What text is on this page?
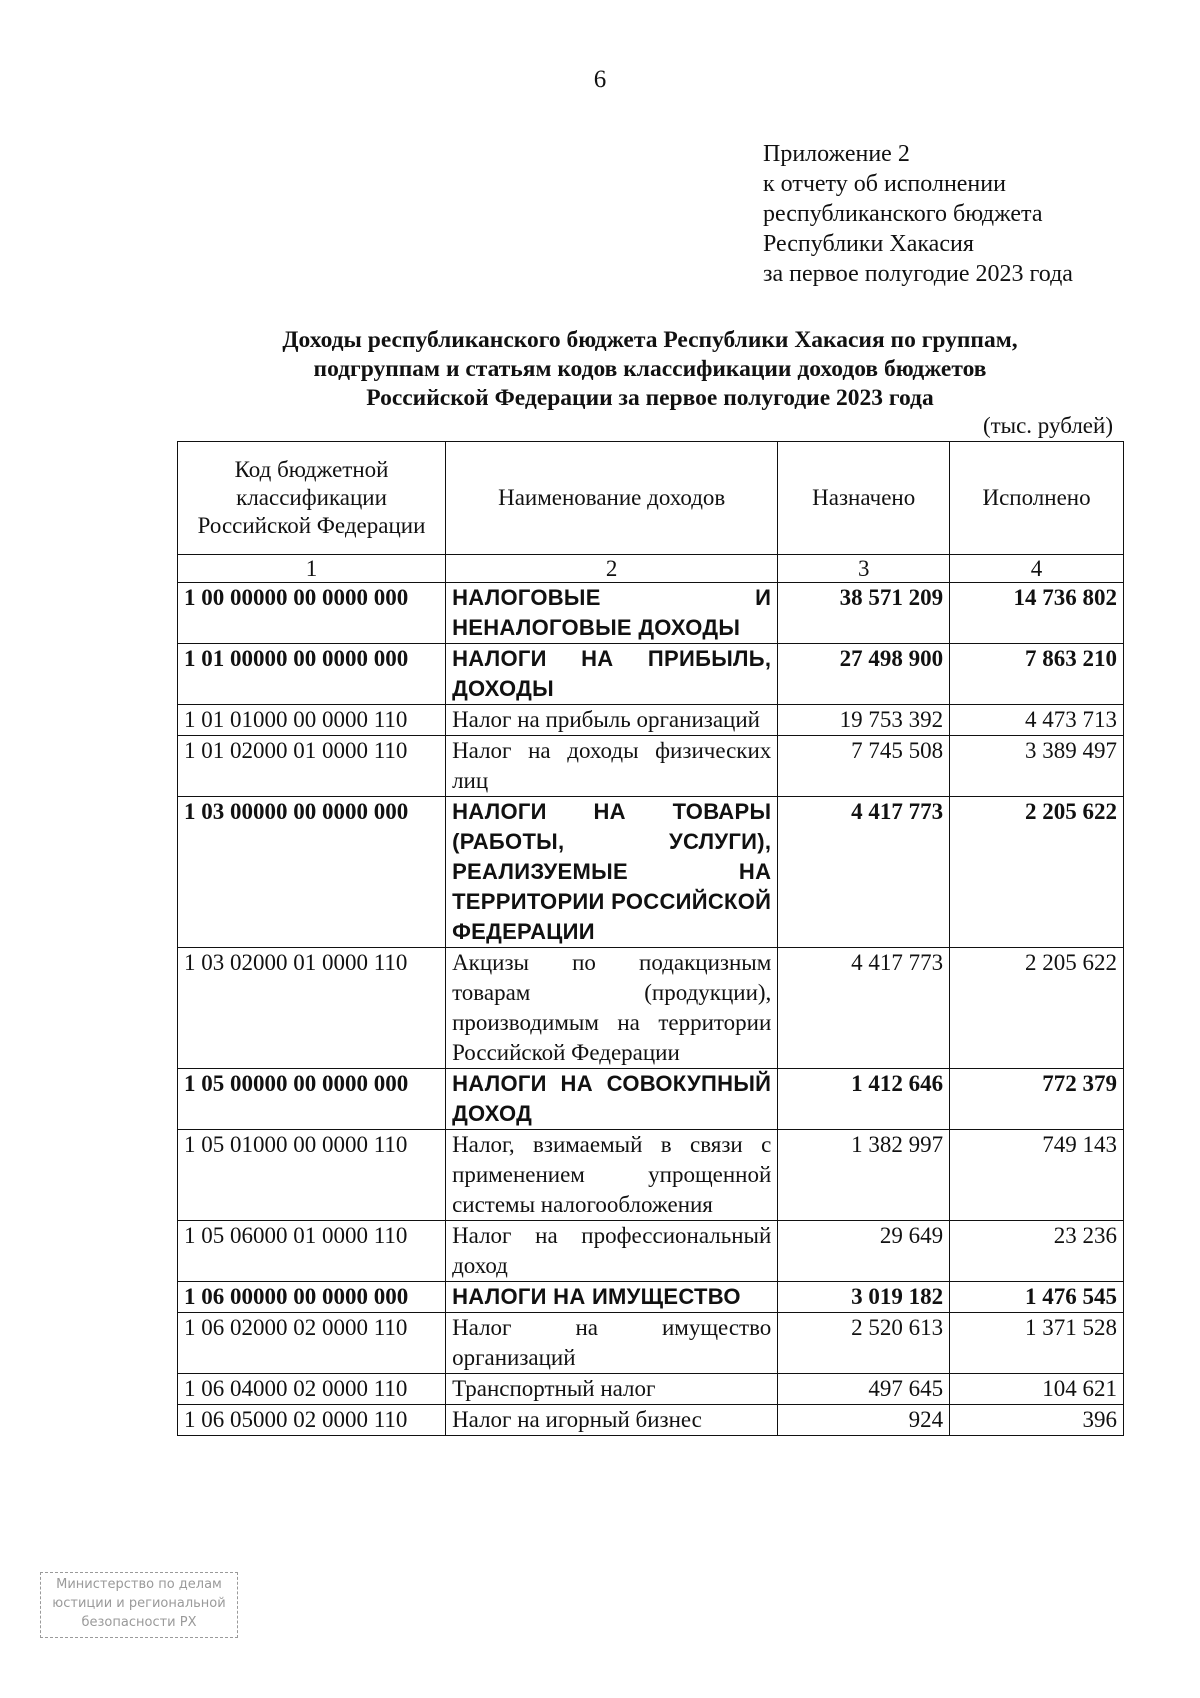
6
Приложение 2
к отчету об исполнении
республиканского бюджета
Республики Хакасия
за первое полугодие 2023 года
Доходы республиканского бюджета Республики Хакасия по группам,
подгруппам и статьям кодов классификации доходов бюджетов
Российской Федерации за первое полугодие 2023 года
(тыс. рублей)
Код бюджетной классификации Российской Федерации	Наименование доходов	Назначено	Исполнено
1	2	3	4
1 00 00000 00 0000 000	НАЛОГОВЫЕ И НЕНАЛОГОВЫЕ ДОХОДЫ	38 571 209	14 736 802
1 01 00000 00 0000 000	НАЛОГИ НА ПРИБЫЛЬ, ДОХОДЫ	27 498 900	7 863 210
1 01 01000 00 0000 110	Налог на прибыль организаций	19 753 392	4 473 713
1 01 02000 01 0000 110	Налог на доходы физических лиц	7 745 508	3 389 497
1 03 00000 00 0000 000	НАЛОГИ НА ТОВАРЫ (РАБОТЫ, УСЛУГИ), РЕАЛИЗУЕМЫЕ НА ТЕРРИТОРИИ РОССИЙСКОЙ ФЕДЕРАЦИИ	4 417 773	2 205 622
1 03 02000 01 0000 110	Акцизы по подакцизным товарам (продукции), производимым на территории Российской Федерации	4 417 773	2 205 622
1 05 00000 00 0000 000	НАЛОГИ НА СОВОКУПНЫЙ ДОХОД	1 412 646	772 379
1 05 01000 00 0000 110	Налог, взимаемый в связи с применением упрощенной системы налогообложения	1 382 997	749 143
1 05 06000 01 0000 110	Налог на профессиональный доход	29 649	23 236
1 06 00000 00 0000 000	НАЛОГИ НА ИМУЩЕСТВО	3 019 182	1 476 545
1 06 02000 02 0000 110	Налог на имущество организаций	2 520 613	1 371 528
1 06 04000 02 0000 110	Транспортный налог	497 645	104 621
1 06 05000 02 0000 110	Налог на игорный бизнес	924	396
Министерство по делам
юстиции и региональной
безопасности РХ
